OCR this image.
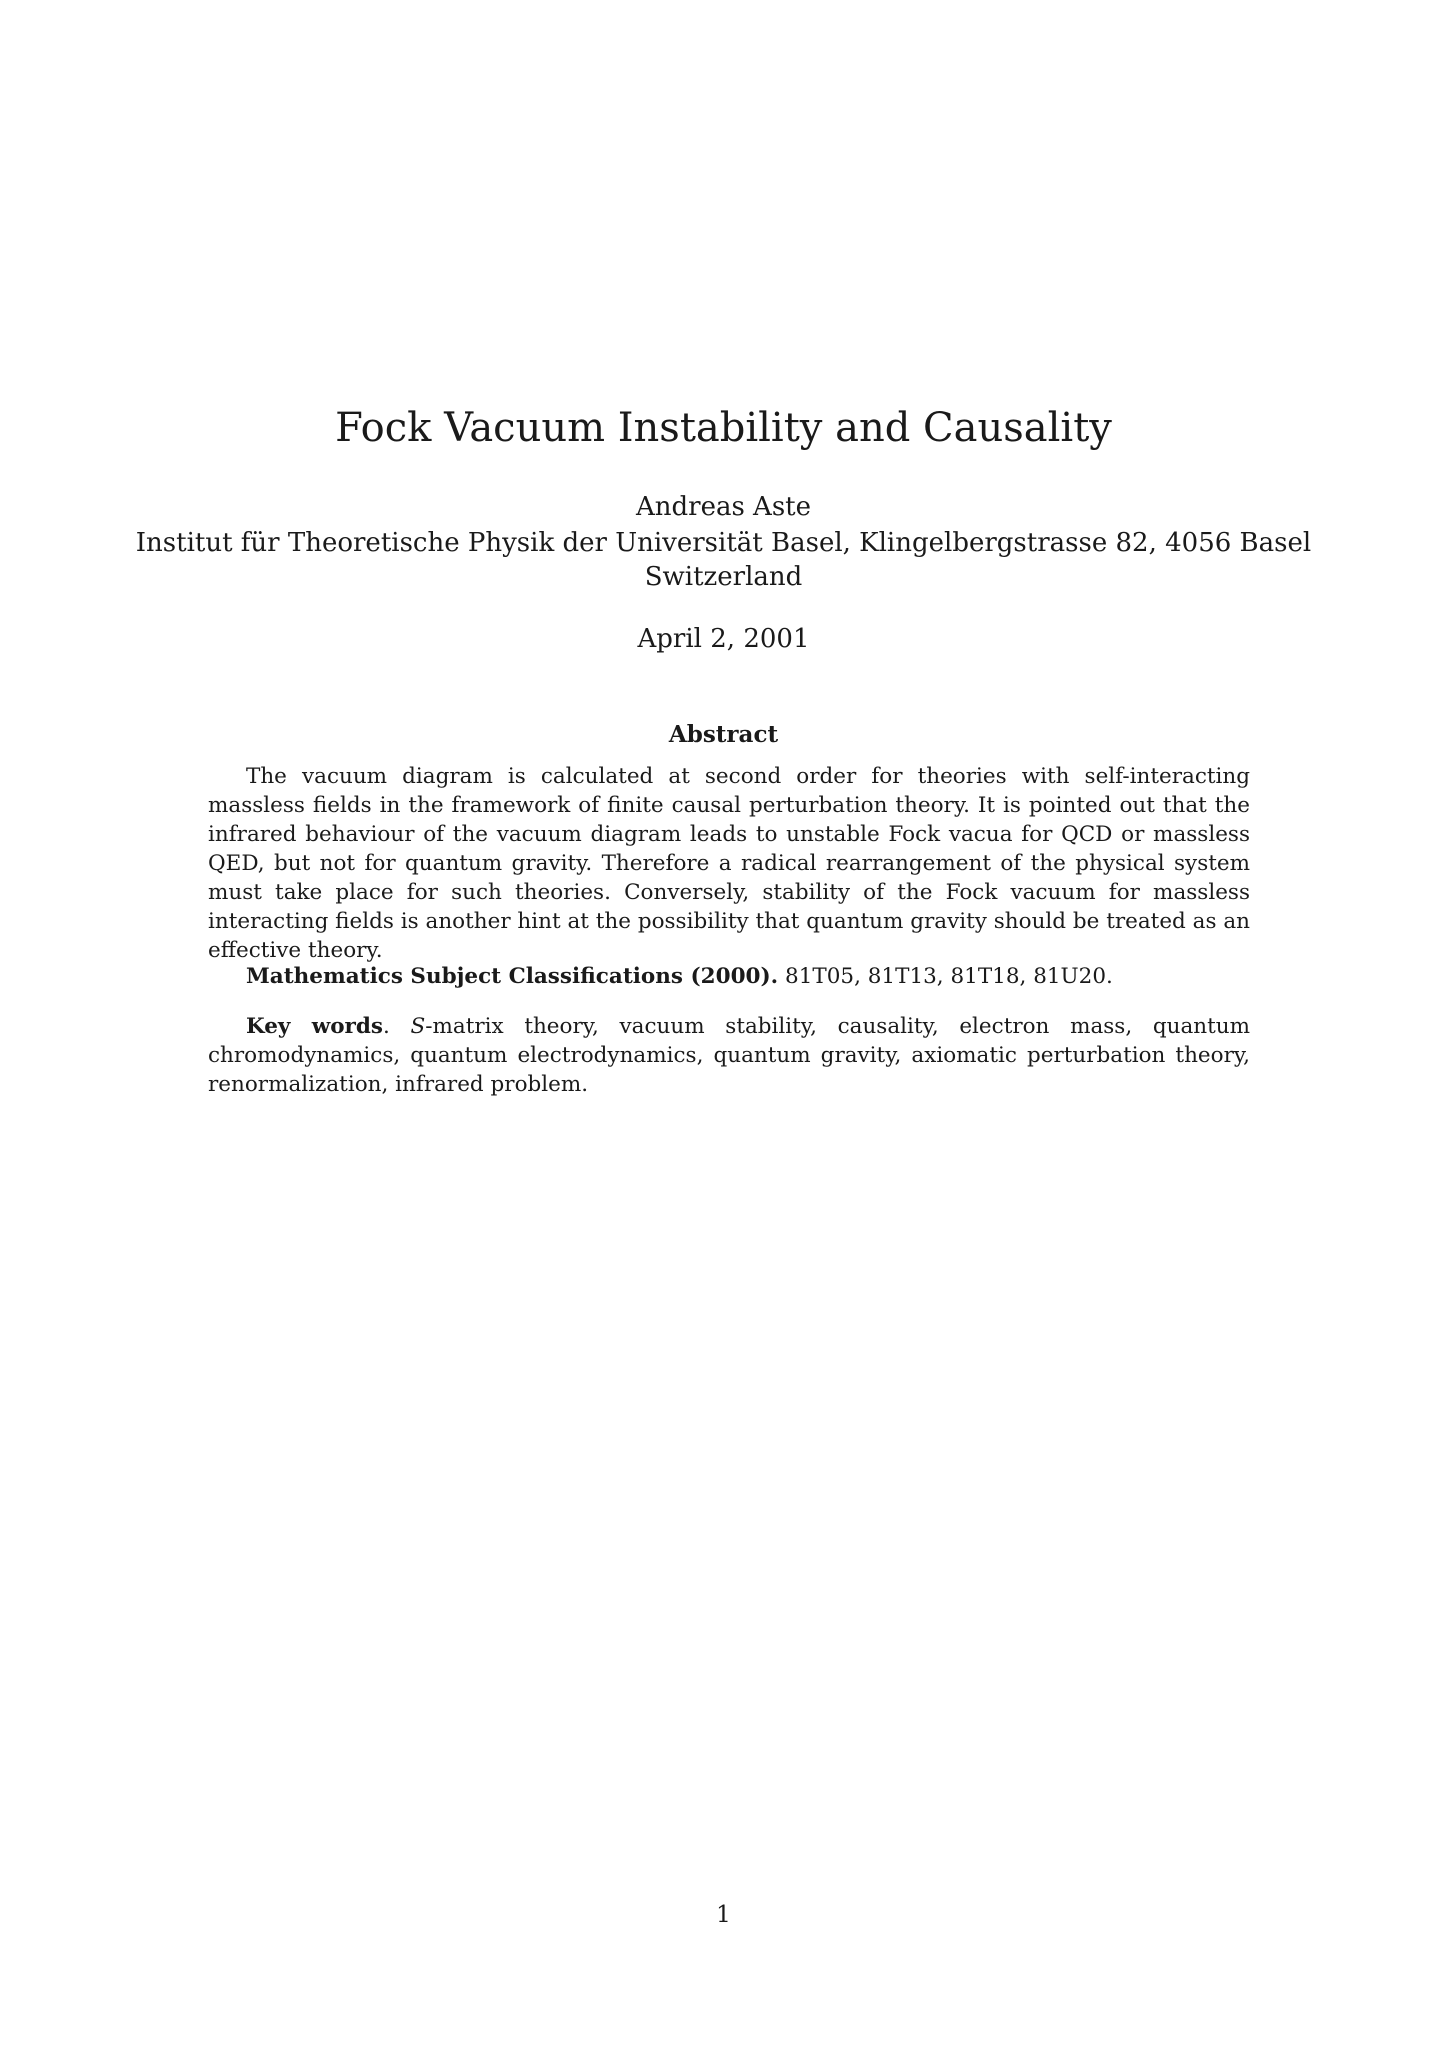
Fock Vacuum Instability and Causality
Andreas Aste
Institut für Theoretische Physik der Universität Basel, Klingelbergstrasse 82, 4056 Basel
Switzerland
April 2, 2001
Abstract

The vacuum diagram is calculated at second order for theories with self-interacting massless fields in the framework of finite causal perturbation theory. It is pointed out that the infrared behaviour of the vacuum diagram leads to unstable Fock vacua for QCD or massless QED, but not for quantum gravity. Therefore a radical rearrangement of the physical system must take place for such theories. Conversely, stability of the Fock vacuum for massless interacting fields is another hint at the possibility that quantum gravity should be treated as an effective theory.

Mathematics Subject Classifications (2000). 81T05, 81T13, 81T18, 81U20.

Key words. S-matrix theory, vacuum stability, causality, electron mass, quantum chromodynamics, quantum electrodynamics, quantum gravity, axiomatic perturbation theory, renormalization, infrared problem.

1
